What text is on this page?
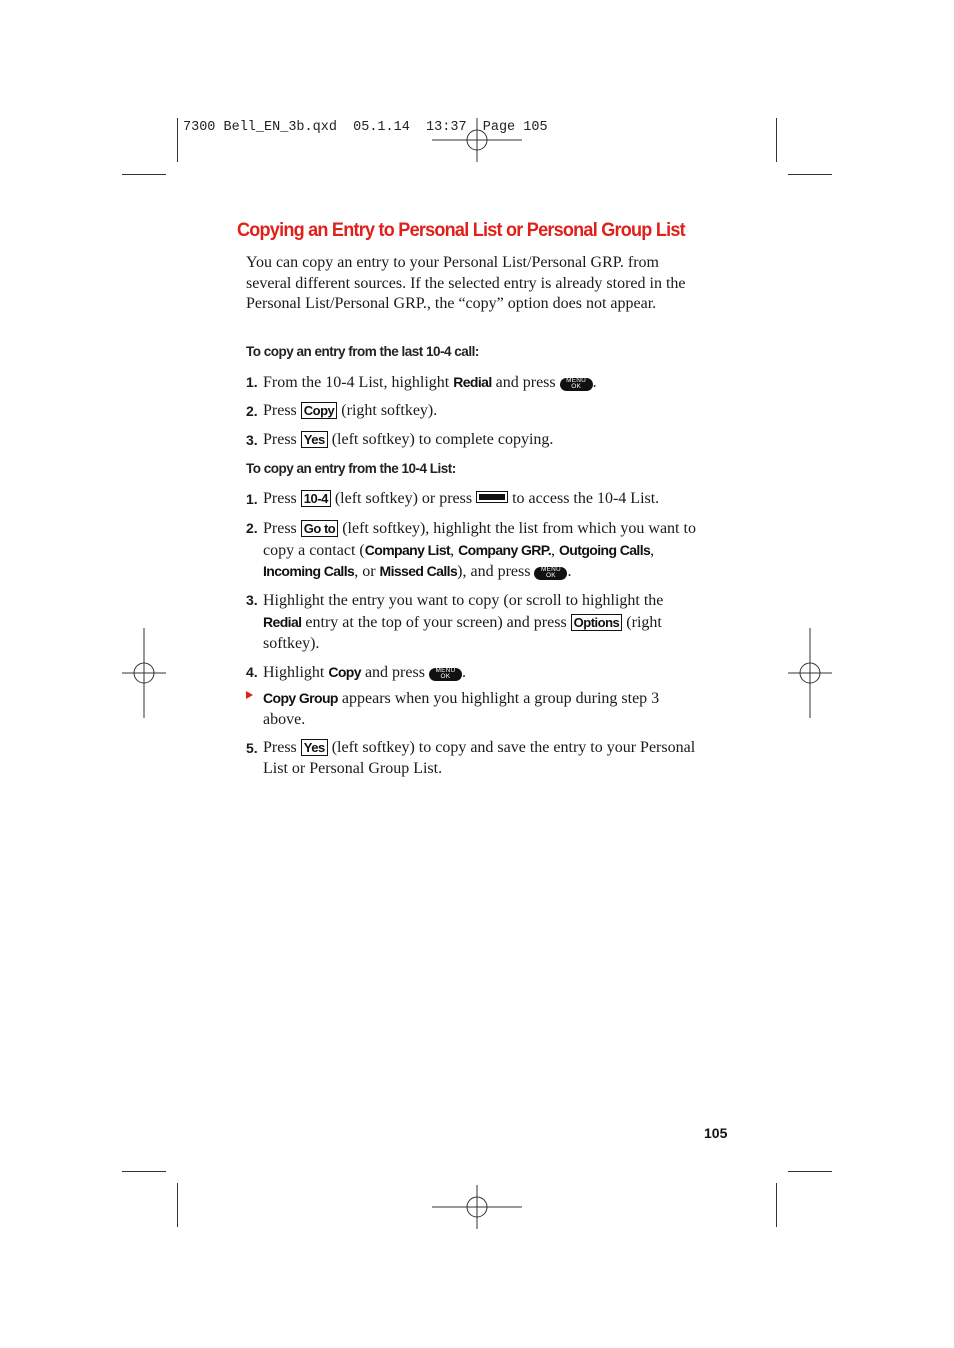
7300 Bell_EN_3b.qxd  05.1.14  13:37  Page 105
Copying an Entry to Personal List or Personal Group List
You can copy an entry to your Personal List/Personal GRP. from several different sources. If the selected entry is already stored in the Personal List/Personal GRP., the “copy” option does not appear.
To copy an entry from the last 10-4 call:
1. From the 10-4 List, highlight Redial and press	MENU
OK .
2. Press Copy (right softkey).
3. Press Yes (left softkey) to complete copying.
To copy an entry from the 10-4 List:
1. Press 10-4 (left softkey) or press  to access the 10-4 List.
2. Press Go to (left softkey), highlight the list from which you want to copy a contact (Company List, Company GRP., Outgoing Calls, Incoming Calls, or Missed Calls), and press	MENU
OK .
3. Highlight the entry you want to copy (or scroll to highlight the Redial entry at the top of your screen) and press Options (right softkey).
4. Highlight Copy and press	MENU
OK .
Copy Group appears when you highlight a group during step 3 above.
5. Press Yes (left softkey) to copy and save the entry to your Personal List or Personal Group List.
105
